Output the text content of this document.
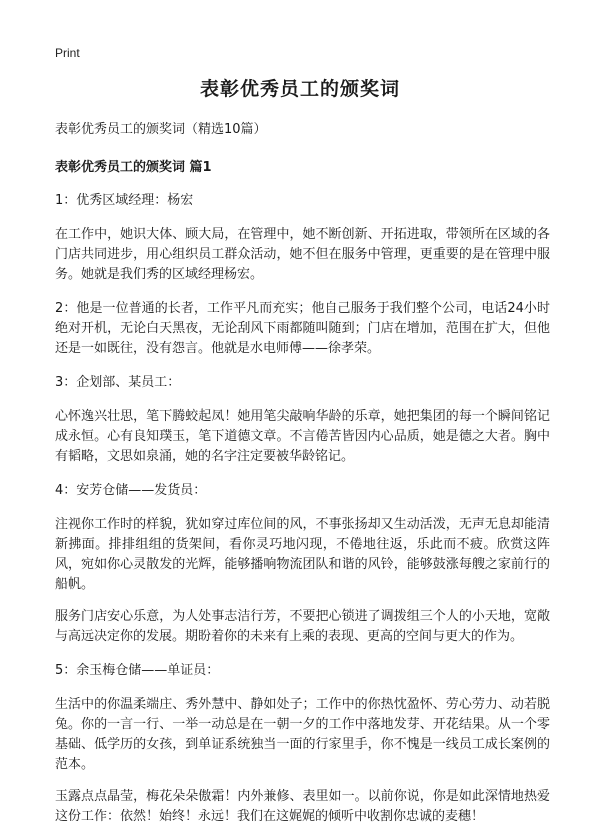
Print
表彰优秀员工的颁奖词

表彰优秀员工的颁奖词（精选10篇）

表彰优秀员工的颁奖词 篇1

1：优秀区域经理：杨宏

在工作中，她识大体、顾大局，在管理中，她不断创新、开拓进取，带领所在区域的各门店共同进步，用心组织员工群众活动，她不但在服务中管理，更重要的是在管理中服务。她就是我们秀的区域经理杨宏。

2：他是一位普通的长者，工作平凡而充实；他自己服务于我们整个公司，电话24小时绝对开机，无论白天黑夜，无论刮风下雨都随叫随到；门店在增加，范围在扩大，但他还是一如既往，没有怨言。他就是水电师傅——徐孝荣。

3：企划部、某员工：

心怀逸兴壮思，笔下腾蛟起凤！她用笔尖敲响华龄的乐章，她把集团的每一个瞬间铭记成永恒。心有良知璞玉，笔下道德文章。不言倦苦皆因内心品质，她是德之大者。胸中有韬略，文思如泉涌，她的名字注定要被华龄铭记。

4：安芳仓储——发货员：

注视你工作时的样貌，犹如穿过库位间的风，不事张扬却又生动活泼，无声无息却能清新拂面。排排组组的货架间，看你灵巧地闪现，不倦地往返，乐此而不疲。欣赏这阵风，宛如你心灵散发的光辉，能够播响物流团队和谐的风铃，能够鼓涨每艘之家前行的船帆。

服务门店安心乐意，为人处事志洁行芳，不要把心锁进了调拨组三个人的小天地，宽敞与高远决定你的发展。期盼着你的未来有上乘的表现、更高的空间与更大的作为。

5：余玉梅仓储——单证员：

生活中的你温柔端庄、秀外慧中、静如处子；工作中的你热忱盈怀、劳心劳力、动若脱兔。你的一言一行、一举一动总是在一朝一夕的工作中落地发芽、开花结果。从一个零基础、低学历的女孩，到单证系统独当一面的行家里手，你不愧是一线员工成长案例的范本。

玉露点点晶莹，梅花朵朵傲霜！内外兼修、表里如一。以前你说，你是如此深情地热爱这份工作：依然！始终！永远！我们在这娓娓的倾听中收割你忠诚的麦穗！
